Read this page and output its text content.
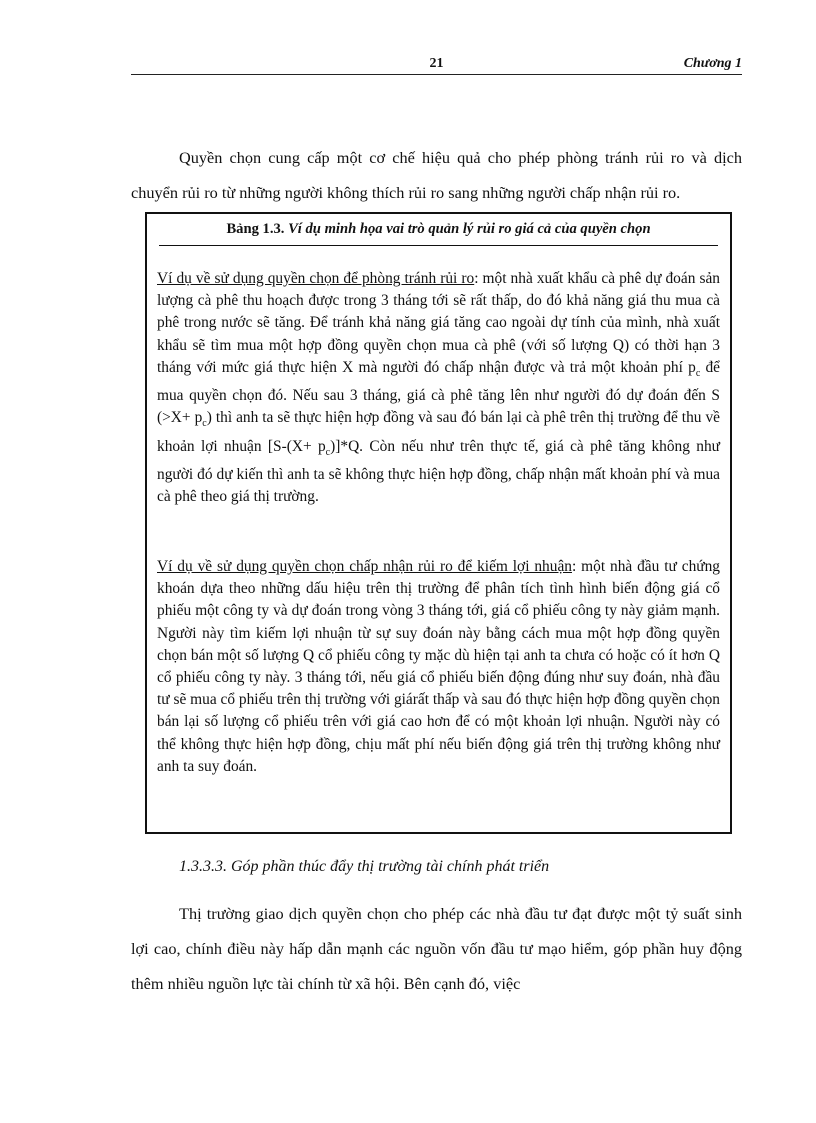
21	Chương 1
Quyền chọn cung cấp một cơ chế hiệu quả cho phép phòng tránh rủi ro và dịch chuyển rủi ro từ những người không thích rủi ro sang những người chấp nhận rủi ro.
Bảng 1.3. Ví dụ minh họa vai trò quản lý rủi ro giá cả của quyền chọn
Ví dụ về sử dụng quyền chọn để phòng tránh rủi ro: một nhà xuất khẩu cà phê dự đoán sản lượng cà phê thu hoạch được trong 3 tháng tới sẽ rất thấp, do đó khả năng giá thu mua cà phê trong nước sẽ tăng. Để tránh khả năng giá tăng cao ngoài dự tính của mình, nhà xuất khẩu sẽ tìm mua một hợp đồng quyền chọn mua cà phê (với số lượng Q) có thời hạn 3 tháng với mức giá thực hiện X mà người đó chấp nhận được và trả một khoản phí $p_c$ để mua quyền chọn đó. Nếu sau 3 tháng, giá cà phê tăng lên như người đó dự đoán đến S $(>X+ p_c)$ thì anh ta sẽ thực hiện hợp đồng và sau đó bán lại cà phê trên thị trường để thu về khoản lợi nhuận $[S-(X+ p_c)]*Q$. Còn nếu như trên thực tế, giá cà phê tăng không như người đó dự kiến thì anh ta sẽ không thực hiện hợp đồng, chấp nhận mất khoản phí và mua cà phê theo giá thị trường.
Ví dụ về sử dụng quyền chọn chấp nhận rủi ro để kiếm lợi nhuận: một nhà đầu tư chứng khoán dựa theo những dấu hiệu trên thị trường để phân tích tình hình biến động giá cổ phiếu một công ty và dự đoán trong vòng 3 tháng tới, giá cổ phiếu công ty này giảm mạnh. Người này tìm kiếm lợi nhuận từ sự suy đoán này bằng cách mua một hợp đồng quyền chọn bán một số lượng Q cổ phiếu công ty mặc dù hiện tại anh ta chưa có hoặc có ít hơn Q cổ phiếu công ty này. 3 tháng tới, nếu giá cổ phiếu biến động đúng như suy đoán, nhà đầu tư sẽ mua cổ phiếu trên thị trường với giárất thấp và sau đó thực hiện hợp đồng quyền chọn bán lại số lượng cổ phiếu trên với giá cao hơn để có một khoản lợi nhuận. Người này có thể không thực hiện hợp đồng, chịu mất phí nếu biến động giá trên thị trường không như anh ta suy đoán.
1.3.3.3. Góp phần thúc đẩy thị trường tài chính phát triển
Thị trường giao dịch quyền chọn cho phép các nhà đầu tư đạt được một tỷ suất sinh lợi cao, chính điều này hấp dẫn mạnh các nguồn vốn đầu tư mạo hiểm, góp phần huy động thêm nhiều nguồn lực tài chính từ xã hội. Bên cạnh đó, việc
